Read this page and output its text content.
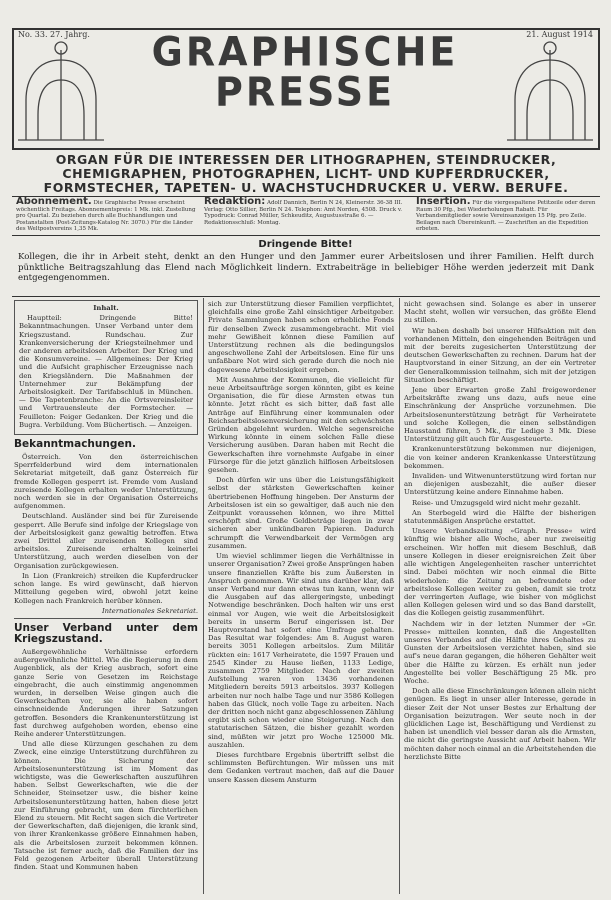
No. 33. 27. Jahrg.	21. August 1914
GRAPHISCHE
PRESSE
ORGAN FÜR DIE INTERESSEN DER LITHOGRAPHEN, STEINDRUCKER,
CHEMIGRAPHEN, PHOTOGRAPHEN, LICHT- UND KUPFERDRUCKER,
FORMSTECHER, TAPETEN- U. WACHSTUCHDRUCKER U. VERW. BERUFE.
Abonnement. Die Graphische Presse erscheint wöchentlich Freitags. Abonnementspreis: 1 Mk. inkl. Zustellung pro Quartal. Zu beziehen durch alle Buchhandlungen und Postanstalten (Post-Zeitungs-Katalog Nr. 3070.) Für die Länder des Weltpostvereins 1,35 Mk.
Redaktion: Adolf Dannich, Berlin N 24, Kleinerstr. 36-38 III. Verlag: Otto Sillier, Berlin N 24. Telephon: Amt Norden, 4508. Druck v. Typodruck: Conrad Müller, Schkeuditz, Augustusstraße 6. — Redaktionsschluß: Montag.
Insertion. Für die viergespaltene Petitzeile oder deren Raum 30 Pfg., bei Wiederholungen Rabatt. Für Verbandsmitglieder sowie Vereinsanzeigen 15 Pfg. pro Zeile. Beilagen nach Übereinkunft. — Zuschriften an die Expedition erbeten.
Dringende Bitte!
Kollegen, die ihr in Arbeit steht, denkt an den Hunger und den Jammer eurer Arbeitslosen und ihrer Familien. Helft durch pünktliche Beitragszahlung das Elend nach Möglichkeit lindern. Extrabeiträge in beliebiger Höhe werden jederzeit mit Dank entgegengenommen.

Inhalt.

Hauptteil: Dringende Bitte! Bekanntmachungen. Unser Verband unter dem Kriegszustand. Rundschau. Zur Krankenversicherung der Kriegsteilnehmer und der anderen arbeitslosen Arbeiter. Der Krieg und die Konsumvereine. — Allgemeines: Der Krieg und die Aufsicht graphischer Erzeugnisse nach den Kriegsländern. Die Maßnahmen der Unternehmer zur Bekämpfung der Arbeitslosigkeit. Der Tarifabschluß in München. — Die Tapetenbranche: An die Ortsvereinsleiter und Vertrauensleute der Formstecher. — Feuilleton: Feiger Gedanken. Der Krieg und die Bugra. Verbildung. Vom Büchertisch. — Anzeigen.

Bekanntmachungen.

Österreich. Von den österreichischen Sperrfelderbund wird dem internationalen Sekretariat mitgeteilt, daß ganz Österreich für fremde Kollegen gesperrt ist. Fremde vom Ausland zureisende Kollegen erhalten weder Unterstützung, noch werden sie in der Organisation Österreichs aufgenommen.

Deutschland. Ausländer sind bei für Zureisende gesperrt. Alle Berufe sind infolge der Kriegslage von der Arbeitslosigkeit ganz gewaltig betroffen. Etwa zwei Drittel aller zureisenden Kollegen sind arbeitslos. Zureisende erhalten keinerlei Unterstützung, auch werden dieselben von der Organisation zurückgewiesen.

In Lion (Frankreich) streiken die Kupferdrucker schon lange. Es wird gewünscht, daß hiervon Mitteilung gegeben wird, obwohl jetzt keine Kollegen nach Frankreich herüber können.

Internationales Sekretariat.

Unser Verband unter dem Kriegszustand.

Außergewöhnliche Verhältnisse erfordern außergewöhnliche Mittel. Wie die Regierung in dem Augenblick, als der Krieg ausbrach, sofort eine ganze Serie von Gesetzen im Reichstage eingebracht, die auch einstimmig angenommen wurden, in derselben Weise gingen auch die Gewerkschaften vor, sie alle haben sofort einschneidende Änderungen ihrer Satzungen getroffen. Besonders die Krankenunterstützung ist fast durchweg aufgehoben worden, ebenso eine Reihe anderer Unterstützungen.

Und alle diese Kürzungen geschahen zu dem Zweck, eine einzige Unterstützung durchführen zu können. Die Sicherung der Arbeitslosenunterstützung ist im Moment das wichtigste, was die Gewerkschaften auszuführen haben. Selbst Gewerkschaften, wie die der Schneider, Steinsetzer usw., die bisher keine Arbeitslosenunterstützung hatten, haben diese jetzt zur Einführung gebracht, um dem fürchterlichen Elend zu steuern. Mit Recht sagen sich die Vertreter der Gewerkschaften, daß diejenigen, die krank sind, von ihrer Krankenkasse größere Einnahmen haben, als die Arbeitslosen zurzeit bekommen können. Tatsache ist ferner auch, daß die Familien der ins Feld gezogenen Arbeiter überall Unterstützung finden. Staat und Kommunen haben

sich zur Unterstützung dieser Familien verpflichtet, gleichfalls eine große Zahl einsichtiger Arbeitgeber. Private Sammlungen haben schon erhebliche Fonds für denselben Zweck zusammengebracht. Mit viel mehr Gewißheit können diese Familien auf Unterstützung rechnen als die bedingungslos angeschwollene Zahl der Arbeitslosen. Eine für uns unfaßbare Not wird sich gerade durch die noch nie dagewesene Arbeitslosigkeit ergeben.

Mit Ausnahme der Kommunen, die vielleicht für neue Arbeitsaufträge sorgen könnten, gibt es keine Organisation, die für diese Armsten etwas tun könnte. Jetzt rächt es sich bitter, daß fast alle Anträge auf Einführung einer kommunalen oder Reichsarbeitslosenversicherung mit den schwächsten Gründen abgelehnt wurden. Welche segensreiche Wirkung könnte in einem solchen Falle diese Versicherung ausüben. Daran haben mit Recht die Gewerkschaften ihre vornehmste Aufgabe in einer Fürsorge für die jetzt gänzlich hilflosen Arbeitslosen gesehen.

Doch dürfen wir uns über die Leistungsfähigkeit selbst der stärksten Gewerkschaften keiner übertriebenen Hoffnung hingeben. Der Ansturm der Arbeitslosen ist ein so gewaltiger, daß auch nie den Zeitpunkt voraussehen können, wo ihre Mittel erschöpft sind. Große Geldbeträge liegen in zwar sicheren aber unkündbaren Papieren. Dadurch schrumpft die Verwendbarkeit der Vermögen arg zusammen.

Um wieviel schlimmer liegen die Verhältnisse in unserer Organisation? Zwei große Ansprüngen haben unsere finanziellen Kräfte bis zum Äußersten in Anspruch genommen. Wir sind uns darüber klar, daß unser Verband nur dann etwas tun kann, wenn wir die Ausgaben auf das allergeringste, unbedingt Notwendige beschränken. Doch halten wir uns erst einmal vor Augen, wie weit die Arbeitslosigkeit bereits in unserm Beruf eingerissen ist. Der Hauptvorstand hat sofort eine Umfrage gehalten. Das Resultat war folgendes: Am 8. August waren bereits 3051 Kollegen arbeitslos. Zum Militär rückten ein: 1617 Verheiratete, die 1597 Frauen und 2545 Kinder zu Hause ließen, 1133 Ledige, zusammen 2759 Mitglieder. Nach der zweiten Aufstellung waren von 13436 vorhandenen Mitgliedern bereits 5913 arbeitslos. 3937 Kollegen arbeiten nur noch halbe Tage und nur 3586 Kollegen haben das Glück, noch volle Tage zu arbeiten. Nach der dritten noch nicht ganz abgeschlossenen Zählung ergibt sich schon wieder eine Steigerung. Nach den statutarischen Sätzen, die bisher gezahlt worden sind, müßten wir jetzt pro Woche 125000 Mk. auszahlen.

Dieses furchtbare Ergebnis übertrifft selbst die schlimmsten Befürchtungen. Wir müssen uns mit dem Gedanken vertraut machen, daß auf die Dauer unsere Kassen diesem Ansturm

nicht gewachsen sind. Solange es aber in unserer Macht steht, wollen wir versuchen, das größte Elend zu stillen.

Wir haben deshalb bei unserer Hilfsaktion mit den vorhandenen Mitteln, den eingehenden Beiträgen und mit der bereits zugesicherten Unterstützung der deutschen Gewerkschaften zu rechnen. Darum hat der Hauptvorstand in einer Sitzung, an der ein Vertreter der Generalkommission teilnahm, sich mit der jetzigen Situation beschäftigt.

Jene über Erwarten große Zahl freigewordener Arbeitskräfte zwang uns dazu, aufs neue eine Einschränkung der Ansprüche vorzunehmen. Die Arbeitslosenunterstützung beträgt für Verheiratete und solche Kollegen, die einen selbständigen Hausstand führen, 5 Mk., für Ledige 3 Mk. Diese Unterstützung gilt auch für Ausgesteuerte.

Krankenunterstützung bekommen nur diejenigen, die von keiner anderen Krankenkasse Unterstützung bekommen.

Invaliden- und Witwenunterstützung wird fortan nur an diejenigen ausbezahlt, die außer dieser Unterstützung keine andere Einnahme haben.

Reise- und Umzugsgeld wird nicht mehr gezahlt.

An Sterbegeld wird die Hälfte der bisherigen statutenmäßigen Ansprüche erstattet.

Unsere Verbandszeitung »Graph. Presse« wird künftig wie bisher alle Woche, aber nur zweiseitig erscheinen. Wir hoffen mit diesem Beschluß, daß unsere Kollegen in dieser ereignisreichen Zeit über alle wichtigen Angelegenheiten rascher unterrichtet sind. Dabei möchten wir noch einmal die Bitte wiederholen: die Zeitung an befreundete oder arbeitslose Kollegen weiter zu geben, damit sie trotz der verringerten Auflage, wie bisher von möglichst allen Kollegen gelesen wird und so das Band darstellt, das die Kollegen geistig zusammenführt.

Nachdem wir in der letzten Nummer der »Gr. Presse« mitteilen konnten, daß die Angestellten unseres Verbandes auf die Hälfte ihres Gehaltes zu Gunsten der Arbeitslosen verzichtet haben, sind sie auf's neue daran gegangen, die höheren Gehälter weit über die Hälfte zu kürzen. Es erhält nun jeder Angestellte bei voller Beschäftigung 25 Mk. pro Woche.

Doch alle diese Einschränkungen können allein nicht genügen. Es liegt in unser aller Interesse, gerade in dieser Zeit der Not unser Bestes zur Erhaltung der Organisation beizutragen. Wer seute noch in der glücklichen Lage ist, Beschäftigung und Verdienst zu haben ist unendlich viel besser daran als die Armsten, die nicht die geringste Aussicht auf Arbeit haben. Wir möchten daher noch einmal an die Arbeitstehenden die herzlichste Bitte
